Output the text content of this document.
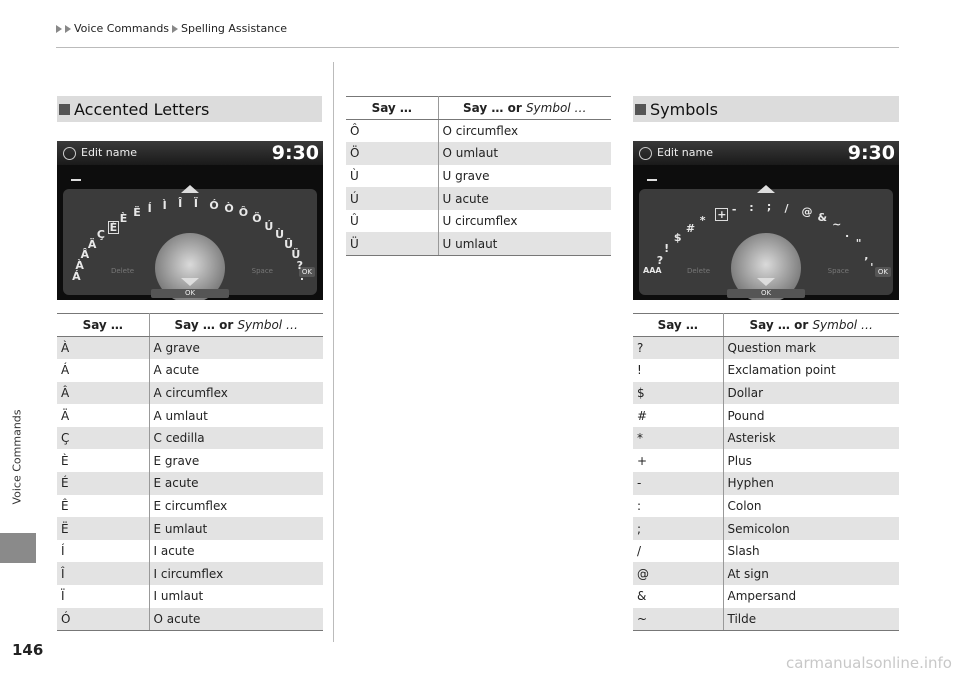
Voice Commands Spelling Assistance
Voice Commands
146
Accented Letters
Edit name	9:30
Delete	Space	OK
OK
Á
À
Â
Ä
Ç
É
È Ë Í Ì Î Ï Ó Ò Ô Ö
Ú
Ù
Û
Ü
?
.
Say …	Say … or Symbol …
À	A grave
Á	A acute
Â	A circumflex
Ä	A umlaut
Ç	C cedilla
È	E grave
É	E acute
Ê	E circumflex
Ë	E umlaut
Í	I acute
Î	I circumflex
Ï	I umlaut
Ó	O acute
Say …	Say … or Symbol …
Ô	O circumflex
Ö	O umlaut
Ù	U grave
Ú	U acute
Û	U circumflex
Ü	U umlaut
Symbols
Edit name	9:30
AAA	Delete	Space	OK
OK
?
!
$
#
* + - : ; / @ &
~
.
"
,
'
Say …	Say … or Symbol …
?	Question mark
!	Exclamation point
$	Dollar
#	Pound
*	Asterisk
+	Plus
-	Hyphen
:	Colon
;	Semicolon
/	Slash
@	At sign
&	Ampersand
~	Tilde
carmanualsonline.info
